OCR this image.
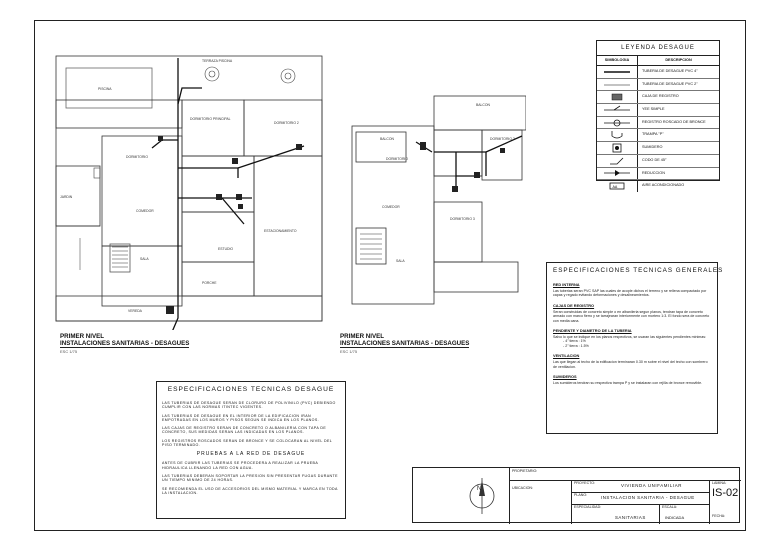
PISCINA
TERRAZA PISCINA
DORMITORIO PRINCIPAL
DORMITORIO 2
DORMITORIO
COMEDOR
ESTACIONAMIENTO
ESTUDIO
SALA
PORCHE
JARDIN
VEREDA
PRIMER NIVEL
INSTALACIONES SANITARIAS - DESAGUES
ESC 1/75
BALCON
DORMITORIO
DORMITORIO 2
DORMITORIO 3
COMEDOR
SALA
BALCON
PRIMER NIVEL
INSTALACIONES SANITARIAS - DESAGUES
ESC 1/75
LEYENDA DESAGUE
SIMBOLOGIA	DESCRIPCION
TUBERIA DE DESAGUE PVC 4"
TUBERIA DE DESAGUE PVC 2"
CAJA DE REGISTRO
YEE SIMPLE
REGISTRO ROSCADO DE BRONCE
TRAMPA "P"
SUMIDERO
CODO DE 45°
REDUCCION
AA	AIRE ACONDICIONADO
ESPECIFICACIONES TECNICAS GENERALES
RED INTERNA
Las tuberias seran PVC SAP las cuales de acople dichos el terreno y se rellena compactado por capas y regado evitando deformaciones y desalineamientos.
CAJAS DE REGISTRO
Seran construidas de concreto simple o en albanileria segun planos, tendran tapa de concreto armado con marco fierro y se tarrajearan interiormente con mortero 1:3. El fondo sera de concreto con media cana.
PENDIENTE Y DIAMETRO DE LA TUBERIA
Salvo lo que se indique en los planos respectivos, se usaran las siguientes pendientes minimas:
- 4" tierra : 1%
- 2" tierra : 1.5%
VENTILACION
Las que llegan al techo de la edificacion terminaran 0.30 m sobre el nivel del techo con sombrero de ventilacion.
SUMIDEROS
Los sumideros tendran su respectiva trampa P y se instalaran con rejilla de bronce removible.
ESPECIFICACIONES TECNICAS DESAGUE
LAS TUBERIAS DE DESAGUE SERAN DE CLORURO DE POLIVINILO (PVC) DEBIENDO CUMPLIR CON LAS NORMAS ITINTEC VIGENTES.
LAS TUBERIAS DE DESAGUE EN EL INTERIOR DE LA EDIFICACION IRAN EMPOTRADAS EN LOS MUROS Y PISOS SEGUN SE INDICA EN LOS PLANOS.
LAS CAJAS DE REGISTRO SERAN DE CONCRETO O ALBANILERIA CON TAPA DE CONCRETO, SUS MEDIDAS SERAN LAS INDICADAS EN LOS PLANOS.
LOS REGISTROS ROSCADOS SERAN DE BRONCE Y SE COLOCARAN AL NIVEL DEL PISO TERMINADO.
PRUEBAS A LA RED DE DESAGUE
ANTES DE CUBRIR LAS TUBERIAS SE PROCEDERA A REALIZAR LA PRUEBA HIDRAULICA LLENANDO LA RED CON AGUA.
LAS TUBERIAS DEBERAN SOPORTAR LA PRESION SIN PRESENTAR FUGAS DURANTE UN TIEMPO MINIMO DE 24 HORAS.
SE RECOMIENDA EL USO DE ACCESORIOS DEL MISMO MATERIAL Y MARCA EN TODA LA INSTALACION.
N
PROPIETARIO:
UBICACION:
PROYECTO:	VIVIENDA UNIFAMILIAR
PLANO:	INSTALACION SANITARIA - DESAGUE
ESPECIALIDAD:
SANITARIAS
ESCALA:
INDICADA
LAMINA:
IS-02
FECHA:
